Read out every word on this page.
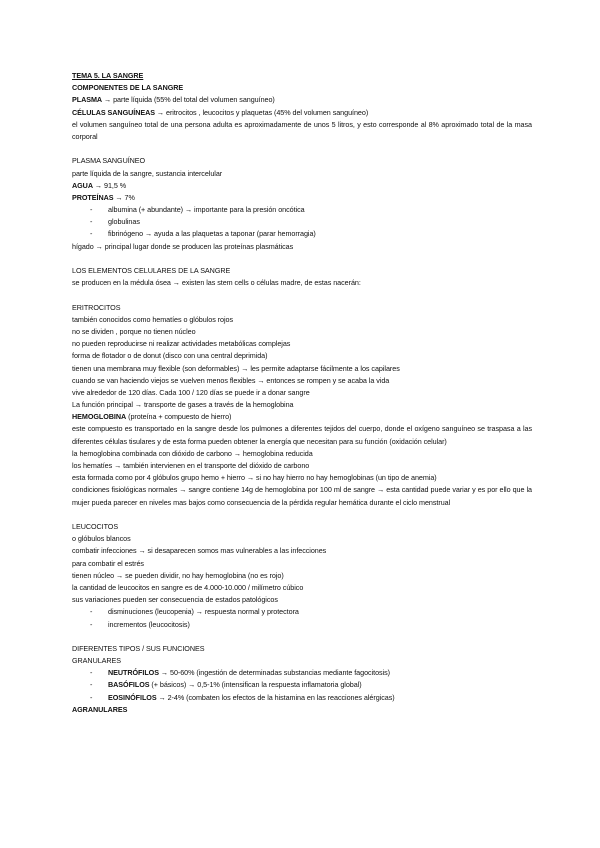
TEMA 5. LA SANGRE
COMPONENTES DE LA SANGRE
PLASMA → parte líquida (55% del total del volumen sanguíneo)
CÉLULAS SANGUÍNEAS → eritrocitos , leucocitos y plaquetas (45% del volumen sanguíneo)
el volumen sanguíneo total de una persona adulta es aproximadamente de unos 5 litros, y esto corresponde al 8% aproximado total de la masa corporal
PLASMA SANGUÍNEO
parte líquida de la sangre, sustancia intercelular
AGUA → 91,5 %
PROTEÍNAS → 7%
- albumina (+ abundante) → importante para la presión oncótica
- globulinas
- fibrinógeno → ayuda a las plaquetas a taponar (parar hemorragia)
hígado → principal lugar donde se producen las proteínas plasmáticas
LOS ELEMENTOS CELULARES DE LA SANGRE
se producen en la médula ósea → existen las stem cells o células madre, de estas nacerán:
ERITROCITOS
también conocidos como hematíes o glóbulos rojos
no se dividen , porque no tienen núcleo
no pueden reproducirse ni realizar actividades metabólicas complejas
forma de flotador o de donut (disco con una central deprimida)
tienen una membrana muy flexible (son deformables) → les permite adaptarse fácilmente a los capilares
cuando se van haciendo viejos se vuelven menos flexibles → entonces se rompen y se acaba la vida
vive alrededor de 120 días. Cada 100 / 120 días se puede ir a donar sangre
La función principal → transporte de gases a través de la hemoglobina
HEMOGLOBINA (proteína + compuesto de hierro)
este compuesto es transportado en la sangre desde los pulmones a diferentes tejidos del cuerpo, donde el oxígeno sanguíneo se traspasa a las diferentes células tisulares y de esta forma pueden obtener la energía que necesitan para su función (oxidación celular)
la hemoglobina combinada con dióxido de carbono → hemoglobina reducida
los hematíes → también intervienen en el transporte del dióxido de carbono
esta formada como por 4 glóbulos grupo hemo + hierro → si no hay hierro no hay hemoglobinas (un tipo de anemia)
condiciones fisiológicas normales → sangre contiene 14g de hemoglobina por 100 ml de sangre → esta cantidad puede variar y es por ello que la mujer pueda parecer en niveles mas bajos como consecuencia de la pérdida regular hemática durante el ciclo menstrual
LEUCOCITOS
o glóbulos blancos
combatir infecciones → si desaparecen somos mas vulnerables a las infecciones
para combatir el estrés
tienen núcleo → se pueden dividir, no hay hemoglobina (no es rojo)
la cantidad de leucocitos en sangre es de 4.000-10.000 / milímetro cúbico
sus variaciones pueden ser consecuencia de estados patológicos
- disminuciones (leucopenia) → respuesta normal y protectora
- incrementos (leucocitosis)
DIFERENTES TIPOS / SUS FUNCIONES
GRANULARES
- NEUTRÓFILOS → 50-60% (ingestión de determinadas substancias mediante fagocitosis)
- BASÓFILOS (+ básicos) → 0,5-1% (intensifican la respuesta inflamatoria global)
- EOSINÓFILOS → 2-4% (combaten los efectos de la histamina en las reacciones alérgicas)
AGRANULARES
